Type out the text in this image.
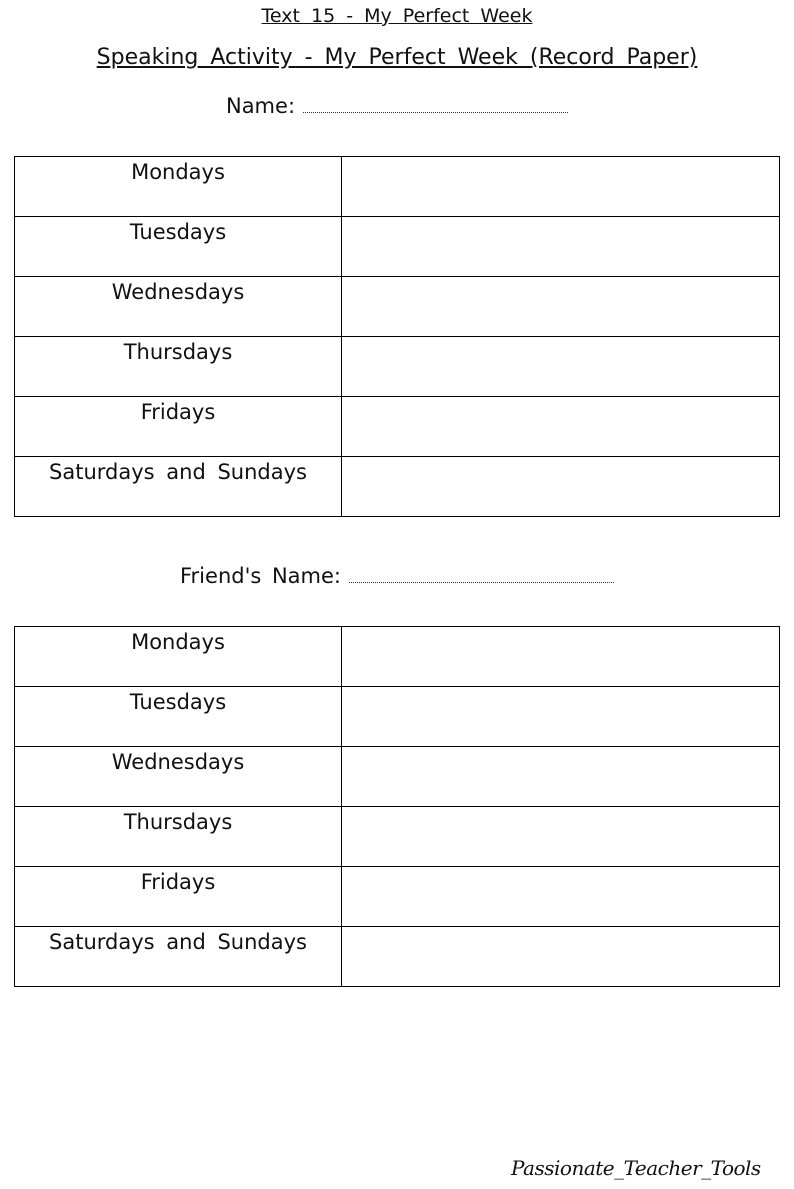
Text 15 - My Perfect Week
Speaking Activity - My Perfect Week (Record Paper)
Name:
Mondays	
Tuesdays	
Wednesdays	
Thursdays	
Fridays	
Saturdays and Sundays	
Friend's Name:
Mondays	
Tuesdays	
Wednesdays	
Thursdays	
Fridays	
Saturdays and Sundays	
Passionate_Teacher_Tools
